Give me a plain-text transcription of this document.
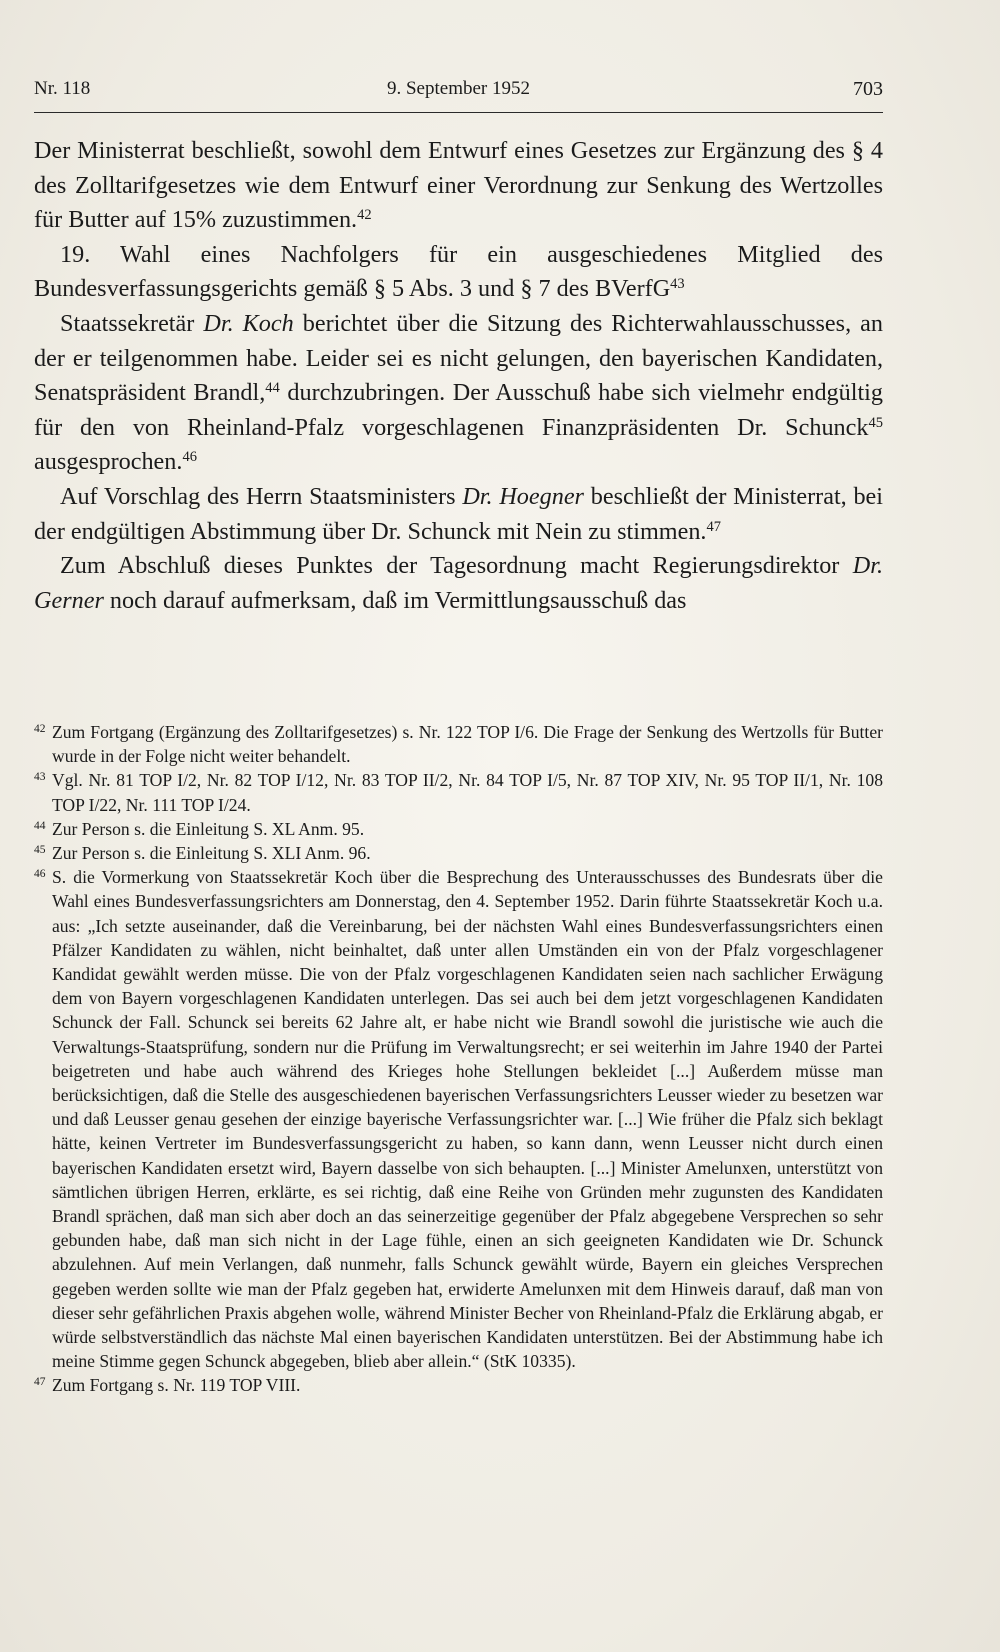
Nr. 118	9. September 1952	703

Der Ministerrat beschließt, sowohl dem Entwurf eines Gesetzes zur Ergänzung des § 4 des Zolltarifgesetzes wie dem Entwurf einer Verordnung zur Senkung des Wertzolles für Butter auf 15% zuzustimmen.$^{42}$

19. Wahl eines Nachfolgers für ein ausgeschiedenes Mitglied des Bundesverfassungsgerichts gemäß § 5 Abs. 3 und § 7 des BVerfG$^{43}$

Staatssekretär Dr. Koch berichtet über die Sitzung des Richterwahlausschusses, an der er teilgenommen habe. Leider sei es nicht gelungen, den bayerischen Kandidaten, Senatspräsident Brandl,$^{44}$ durchzubringen. Der Ausschuß habe sich vielmehr endgültig für den von Rheinland-Pfalz vorgeschlagenen Finanzpräsidenten Dr. Schunck$^{45}$ ausgesprochen.$^{46}$

Auf Vorschlag des Herrn Staatsministers Dr. Hoegner beschließt der Ministerrat, bei der endgültigen Abstimmung über Dr. Schunck mit Nein zu stimmen.$^{47}$

Zum Abschluß dieses Punktes der Tagesordnung macht Regierungsdirektor Dr. Gerner noch darauf aufmerksam, daß im Vermittlungsausschuß das

42 Zum Fortgang (Ergänzung des Zolltarifgesetzes) s. Nr. 122 TOP I/6. Die Frage der Senkung des Wertzolls für Butter wurde in der Folge nicht weiter behandelt.

43 Vgl. Nr. 81 TOP I/2, Nr. 82 TOP I/12, Nr. 83 TOP II/2, Nr. 84 TOP I/5, Nr. 87 TOP XIV, Nr. 95 TOP II/1, Nr. 108 TOP I/22, Nr. 111 TOP I/24.

44 Zur Person s. die Einleitung S. XL Anm. 95.

45 Zur Person s. die Einleitung S. XLI Anm. 96.

46 S. die Vormerkung von Staatssekretär Koch über die Besprechung des Unterausschusses des Bundesrats über die Wahl eines Bundesverfassungsrichters am Donnerstag, den 4. September 1952. Darin führte Staatssekretär Koch u.a. aus: „Ich setzte auseinander, daß die Vereinbarung, bei der nächsten Wahl eines Bundesverfassungsrichters einen Pfälzer Kandidaten zu wählen, nicht beinhaltet, daß unter allen Umständen ein von der Pfalz vorgeschlagener Kandidat gewählt werden müsse. Die von der Pfalz vorgeschlagenen Kandidaten seien nach sachlicher Erwägung dem von Bayern vorgeschlagenen Kandidaten unterlegen. Das sei auch bei dem jetzt vorgeschlagenen Kandidaten Schunck der Fall. Schunck sei bereits 62 Jahre alt, er habe nicht wie Brandl sowohl die juristische wie auch die Verwaltungs-Staatsprüfung, sondern nur die Prüfung im Verwaltungsrecht; er sei weiterhin im Jahre 1940 der Partei beigetreten und habe auch während des Krieges hohe Stellungen bekleidet [...] Außerdem müsse man berücksichtigen, daß die Stelle des ausgeschiedenen bayerischen Verfassungsrichters Leusser wieder zu besetzen war und daß Leusser genau gesehen der einzige bayerische Verfassungsrichter war. [...] Wie früher die Pfalz sich beklagt hätte, keinen Vertreter im Bundesverfassungsgericht zu haben, so kann dann, wenn Leusser nicht durch einen bayerischen Kandidaten ersetzt wird, Bayern dasselbe von sich behaupten. [...] Minister Amelunxen, unterstützt von sämtlichen übrigen Herren, erklärte, es sei richtig, daß eine Reihe von Gründen mehr zugunsten des Kandidaten Brandl sprächen, daß man sich aber doch an das seinerzeitige gegenüber der Pfalz abgegebene Versprechen so sehr gebunden habe, daß man sich nicht in der Lage fühle, einen an sich geeigneten Kandidaten wie Dr. Schunck abzulehnen. Auf mein Verlangen, daß nunmehr, falls Schunck gewählt würde, Bayern ein gleiches Versprechen gegeben werden sollte wie man der Pfalz gegeben hat, erwiderte Amelunxen mit dem Hinweis darauf, daß man von dieser sehr gefährlichen Praxis abgehen wolle, während Minister Becher von Rheinland-Pfalz die Erklärung abgab, er würde selbstverständlich das nächste Mal einen bayerischen Kandidaten unterstützen. Bei der Abstimmung habe ich meine Stimme gegen Schunck abgegeben, blieb aber allein.“ (StK 10335).

47 Zum Fortgang s. Nr. 119 TOP VIII.
